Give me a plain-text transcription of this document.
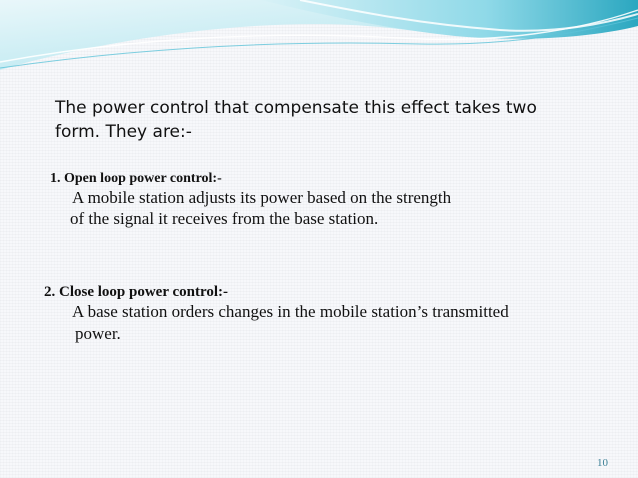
The power control that compensate this effect takes two form. They are:-

1. Open loop power control:-
A mobile station adjusts its power based on the strength
of the signal it receives from the base station.
2. Close loop power control:-
A base station orders changes in the mobile station’s transmitted
power.
10
